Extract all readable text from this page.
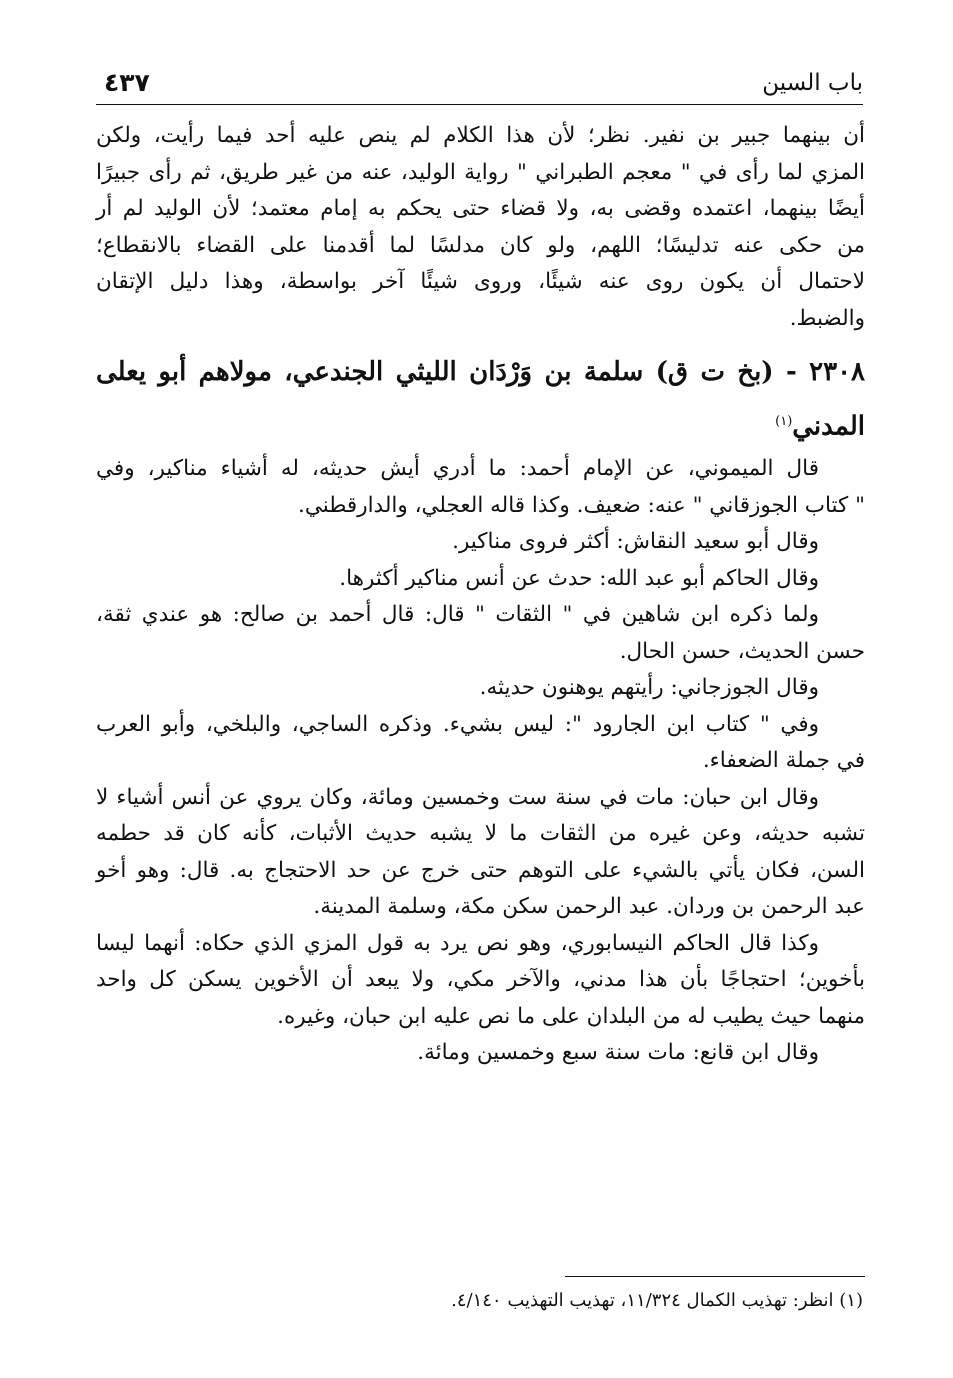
٤٣٧	باب السين
أن بينهما جبير بن نفير. نظر؛ لأن هذا الكلام لم ينص عليه أحد فيما رأيت، ولكن
المزي لما رأى في " معجم الطبراني " رواية الوليد، عنه من غير طريق، ثم رأى جبيرًا
أيضًا بينهما، اعتمده وقضى به، ولا قضاء حتى يحكم به إمام معتمد؛ لأن الوليد لم أر
من حكى عنه تدليسًا؛ اللهم، ولو كان مدلسًا لما أقدمنا على القضاء بالانقطاع؛
لاحتمال أن يكون روى عنه شيئًا، وروى شيئًا آخر بواسطة، وهذا دليل الإتقان
والضبط.
٢٣٠٨ - (بخ ت ق) سلمة بن وَرْدَان الليثي الجندعي، مولاهم أبو يعلى
المدني$^{(١)}$
قال الميموني، عن الإمام أحمد: ما أدري أيش حديثه، له أشياء مناكير، وفي
" كتاب الجوزقاني " عنه: ضعيف. وكذا قاله العجلي، والدارقطني.
وقال أبو سعيد النقاش: أكثر فروى مناكير.
وقال الحاكم أبو عبد الله: حدث عن أنس مناكير أكثرها.
ولما ذكره ابن شاهين في " الثقات " قال: قال أحمد بن صالح: هو عندي ثقة،
حسن الحديث، حسن الحال.
وقال الجوزجاني: رأيتهم يوهنون حديثه.
وفي " كتاب ابن الجارود ": ليس بشيء. وذكره الساجي، والبلخي، وأبو العرب
في جملة الضعفاء.
وقال ابن حبان: مات في سنة ست وخمسين ومائة، وكان يروي عن أنس أشياء لا
تشبه حديثه، وعن غيره من الثقات ما لا يشبه حديث الأثبات، كأنه كان قد حطمه
السن، فكان يأتي بالشيء على التوهم حتى خرج عن حد الاحتجاج به. قال: وهو أخو
عبد الرحمن بن وردان. عبد الرحمن سكن مكة، وسلمة المدينة.
وكذا قال الحاكم النيسابوري، وهو نص يرد به قول المزي الذي حكاه: أنهما ليسا
بأخوين؛ احتجاجًا بأن هذا مدني، والآخر مكي، ولا يبعد أن الأخوين يسكن كل واحد
منهما حيث يطيب له من البلدان على ما نص عليه ابن حبان، وغيره.
وقال ابن قانع: مات سنة سبع وخمسين ومائة.
(١) انظر: تهذيب الكمال ١١/٣٢٤، تهذيب التهذيب ٤/١٤٠.
